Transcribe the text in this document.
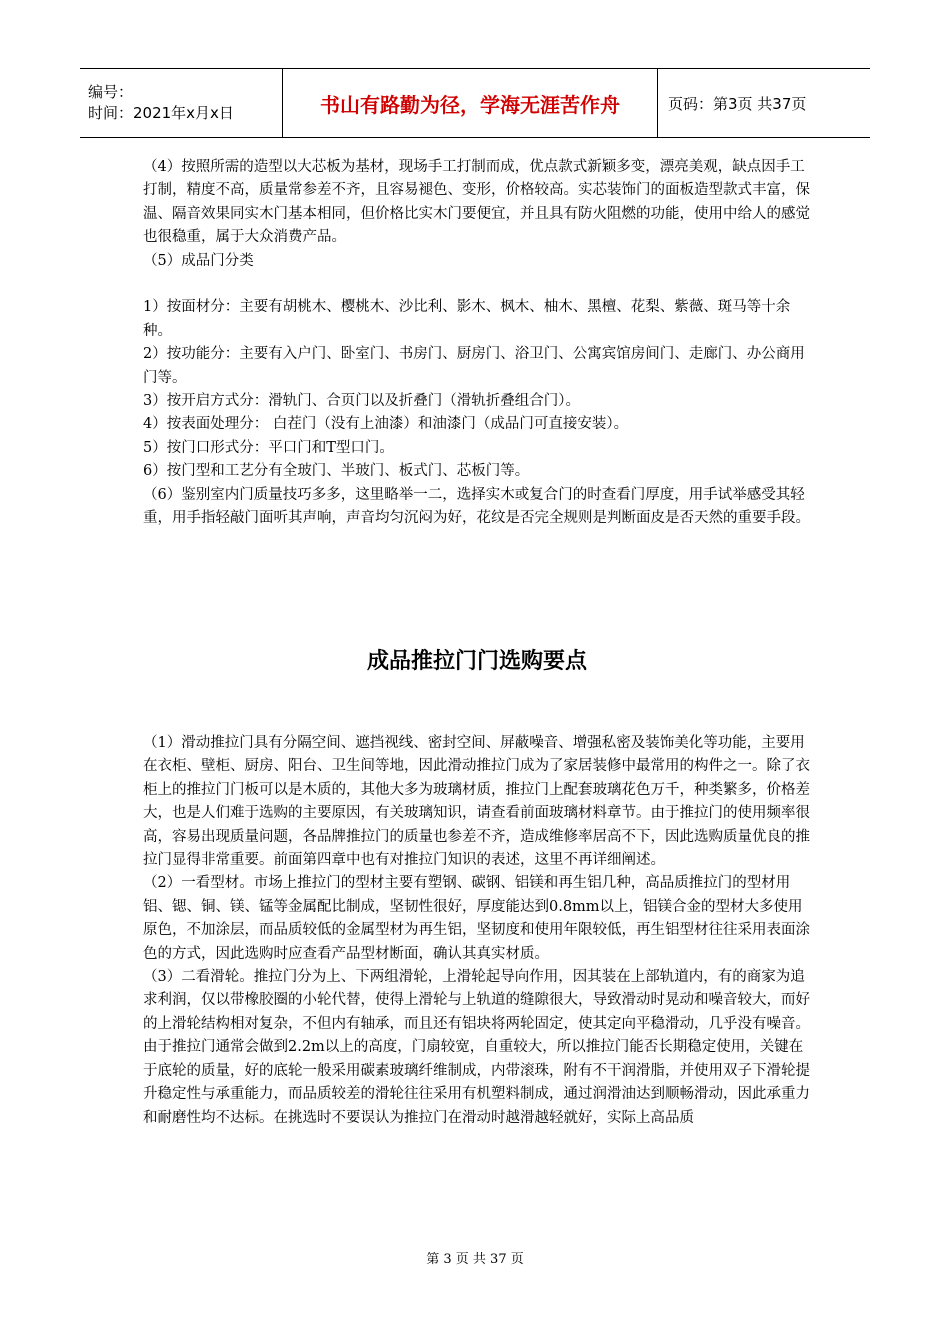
编号：
时间：2021年x月x日	书山有路勤为径，学海无涯苦作舟	页码：第3页 共37页

（4）按照所需的造型以大芯板为基材，现场手工打制而成，优点款式新颖多变，漂亮美观，缺点因手工打制，精度不高，质量常参差不齐，且容易褪色、变形，价格较高。实芯装饰门的面板造型款式丰富，保温、隔音效果同实木门基本相同，但价格比实木门要便宜，并且具有防火阻燃的功能，使用中给人的感觉也很稳重，属于大众消费产品。

（5）成品门分类

1）按面材分：主要有胡桃木、樱桃木、沙比利、影木、枫木、柚木、黑檀、花梨、紫薇、斑马等十余种。

2）按功能分：主要有入户门、卧室门、书房门、厨房门、浴卫门、公寓宾馆房间门、走廊门、办公商用门等。

3）按开启方式分：滑轨门、合页门以及折叠门（滑轨折叠组合门）。

4）按表面处理分： 白茬门（没有上油漆）和油漆门（成品门可直接安装）。

5）按门口形式分：平口门和T型口门。

6）按门型和工艺分有全玻门、半玻门、板式门、芯板门等。

（6）鉴别室内门质量技巧多多，这里略举一二，选择实木或复合门的时查看门厚度，用手试举感受其轻重，用手指轻敲门面听其声响，声音均匀沉闷为好，花纹是否完全规则是判断面皮是否天然的重要手段。

成品推拉门门选购要点

（1）滑动推拉门具有分隔空间、遮挡视线、密封空间、屏蔽噪音、增强私密及装饰美化等功能，主要用在衣柜、壁柜、厨房、阳台、卫生间等地，因此滑动推拉门成为了家居装修中最常用的构件之一。除了衣柜上的推拉门门板可以是木质的，其他大多为玻璃材质，推拉门上配套玻璃花色万千，种类繁多，价格差大，也是人们难于选购的主要原因，有关玻璃知识，请查看前面玻璃材料章节。由于推拉门的使用频率很高，容易出现质量问题，各品牌推拉门的质量也参差不齐，造成维修率居高不下，因此选购质量优良的推拉门显得非常重要。前面第四章中也有对推拉门知识的表述，这里不再详细阐述。

（2）一看型材。市场上推拉门的型材主要有塑钢、碳钢、铝镁和再生铝几种，高品质推拉门的型材用铝、锶、铜、镁、锰等金属配比制成，坚韧性很好，厚度能达到0.8mm以上，铝镁合金的型材大多使用原色，不加涂层，而品质较低的金属型材为再生铝，坚韧度和使用年限较低，再生铝型材往往采用表面涂色的方式，因此选购时应查看产品型材断面，确认其真实材质。

（3）二看滑轮。推拉门分为上、下两组滑轮，上滑轮起导向作用，因其装在上部轨道内，有的商家为追求利润，仅以带橡胶圈的小轮代替，使得上滑轮与上轨道的缝隙很大，导致滑动时晃动和噪音较大，而好的上滑轮结构相对复杂，不但内有轴承，而且还有铝块将两轮固定，使其定向平稳滑动，几乎没有噪音。由于推拉门通常会做到2.2m以上的高度，门扇较宽，自重较大，所以推拉门能否长期稳定使用，关键在于底轮的质量，好的底轮一般采用碳素玻璃纤维制成，内带滚珠，附有不干润滑脂，并使用双子下滑轮提升稳定性与承重能力，而品质较差的滑轮往往采用有机塑料制成，通过润滑油达到顺畅滑动，因此承重力和耐磨性均不达标。在挑选时不要误认为推拉门在滑动时越滑越轻就好，实际上高品质

第 3 页 共 37 页
